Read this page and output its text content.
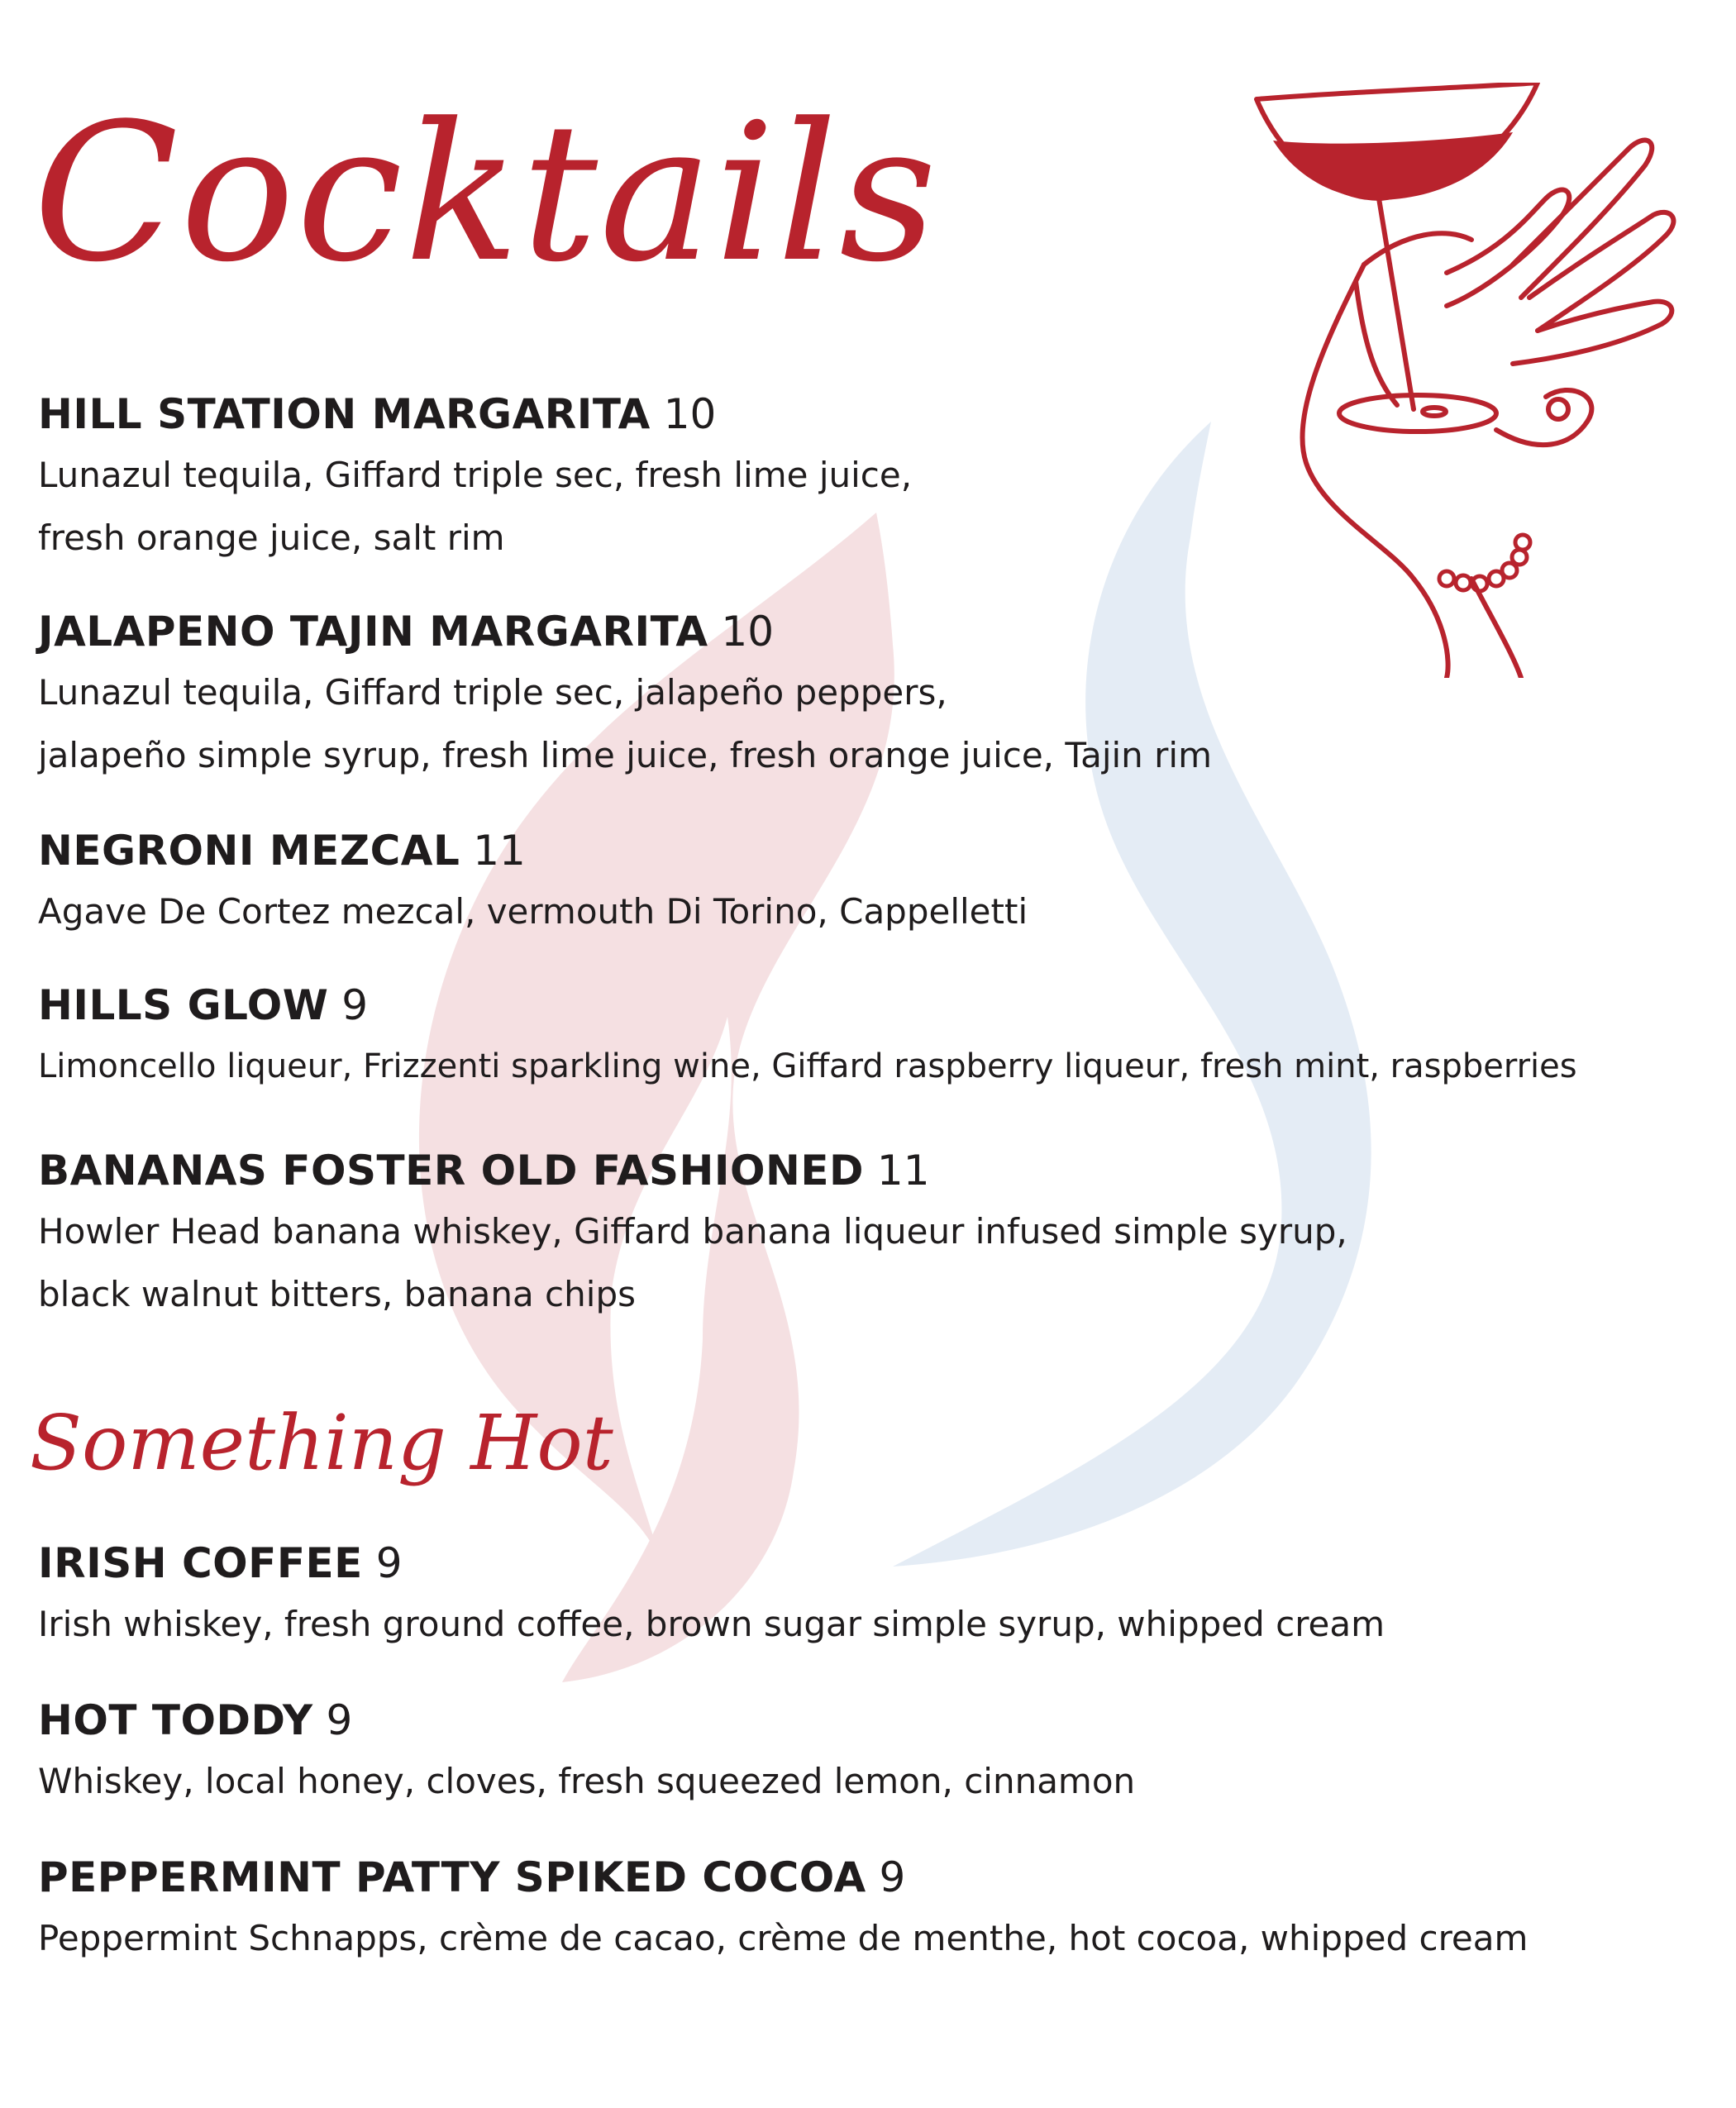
Cocktails
HILL STATION MARGARITA 10
Lunazul tequila, Giffard triple sec, fresh lime juice,
fresh orange juice, salt rim
JALAPENO TAJIN MARGARITA 10
Lunazul tequila, Giffard triple sec, jalapeño peppers,
jalapeño simple syrup, fresh lime juice, fresh orange juice, Tajin rim
NEGRONI MEZCAL 11
Agave De Cortez mezcal, vermouth Di Torino, Cappelletti
HILLS GLOW 9
Limoncello liqueur, Frizzenti sparkling wine, Giffard raspberry liqueur, fresh mint, raspberries
BANANAS FOSTER OLD FASHIONED 11
Howler Head banana whiskey, Giffard banana liqueur infused simple syrup,
black walnut bitters, banana chips
Something Hot
IRISH COFFEE 9
Irish whiskey, fresh ground coffee, brown sugar simple syrup, whipped cream
HOT TODDY 9
Whiskey, local honey, cloves, fresh squeezed lemon, cinnamon
PEPPERMINT PATTY SPIKED COCOA 9
Peppermint Schnapps, crème de cacao, crème de menthe, hot cocoa, whipped cream
